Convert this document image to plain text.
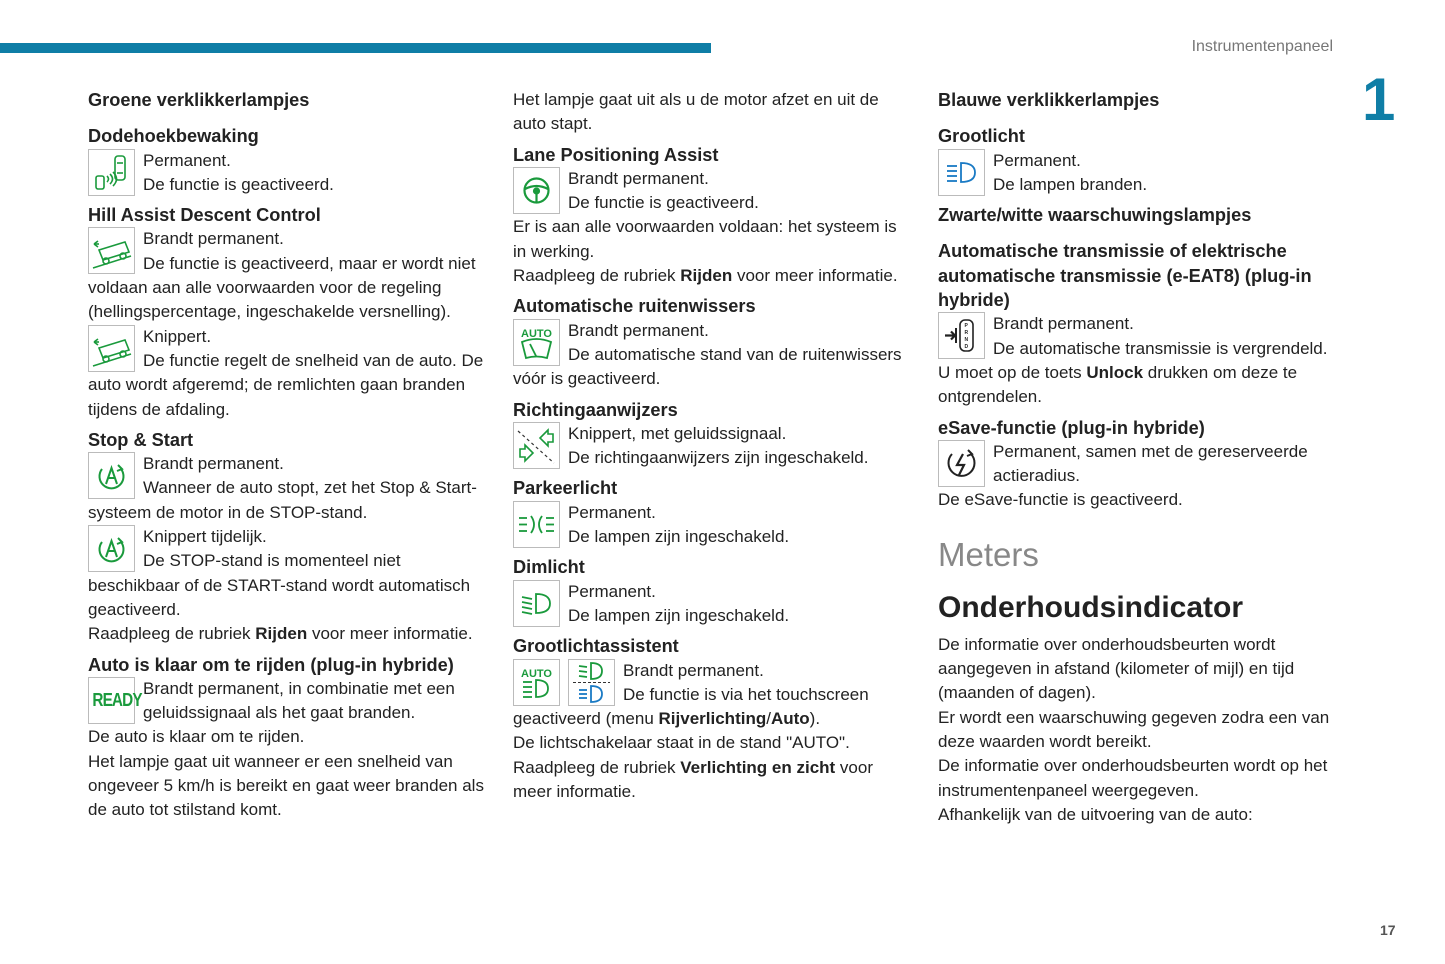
Instrumentenpaneel
1
17
Groene verklikkerlampjes
Dodehoekbewaking

Permanent.

De functie is geactiveerd.

Hill Assist Descent Control

Brandt permanent.

De functie is geactiveerd, maar er wordt niet voldaan aan alle voorwaarden voor de regeling (hellingspercentage, ingeschakelde versnelling).

Knippert.

De functie regelt de snelheid van de auto. De auto wordt afgeremd; de remlichten gaan branden tijdens de afdaling.

Stop & Start

Brandt permanent.

Wanneer de auto stopt, zet het Stop & Start-systeem de motor in de STOP-stand.

Knippert tijdelijk.

De STOP-stand is momenteel niet beschikbaar of de START-stand wordt automatisch geactiveerd.

Raadpleeg de rubriek Rijden voor meer informatie.

Auto is klaar om te rijden (plug-in hybride)
READY

Brandt permanent, in combinatie met een geluidssignaal als het gaat branden.

De auto is klaar om te rijden.

Het lampje gaat uit wanneer er een snelheid van ongeveer 5 km/h is bereikt en gaat weer branden als de auto tot stilstand komt.

Het lampje gaat uit als u de motor afzet en uit de auto stapt.

Lane Positioning Assist

Brandt permanent.

De functie is geactiveerd.

Er is aan alle voorwaarden voldaan: het systeem is in werking.

Raadpleeg de rubriek Rijden voor meer informatie.

Automatische ruitenwissers
AUTO Brandt permanent.

De automatische stand van de ruitenwissers vóór is geactiveerd.

Richtingaanwijzers

Knippert, met geluidssignaal.

De richtingaanwijzers zijn ingeschakeld.

Parkeerlicht

Permanent.

De lampen zijn ingeschakeld.

Dimlicht

Permanent.

De lampen zijn ingeschakeld.

Grootlichtassistent
AUTO	Brandt permanent.

De functie is via het touchscreen geactiveerd (menu Rijverlichting/Auto).

De lichtschakelaar staat in de stand "AUTO".

Raadpleeg de rubriek Verlichting en zicht voor meer informatie.

Blauwe verklikkerlampjes
Grootlicht

Permanent.

De lampen branden.

Zwarte/witte waarschuwingslampjes
Automatische transmissie of elektrische automatische transmissie (e-EAT8) (plug-in hybride)
P
R
N
D

Brandt permanent.

De automatische transmissie is vergrendeld.

U moet op de toets Unlock drukken om deze te ontgrendelen.

eSave-functie (plug-in hybride)

Permanent, samen met de gereserveerde actieradius.

De eSave-functie is geactiveerd.

Meters
Onderhoudsindicator

De informatie over onderhoudsbeurten wordt aangegeven in afstand (kilometer of mijl) en tijd (maanden of dagen).

Er wordt een waarschuwing gegeven zodra een van deze waarden wordt bereikt.

De informatie over onderhoudsbeurten wordt op het instrumentenpaneel weergegeven.

Afhankelijk van de uitvoering van de auto:
